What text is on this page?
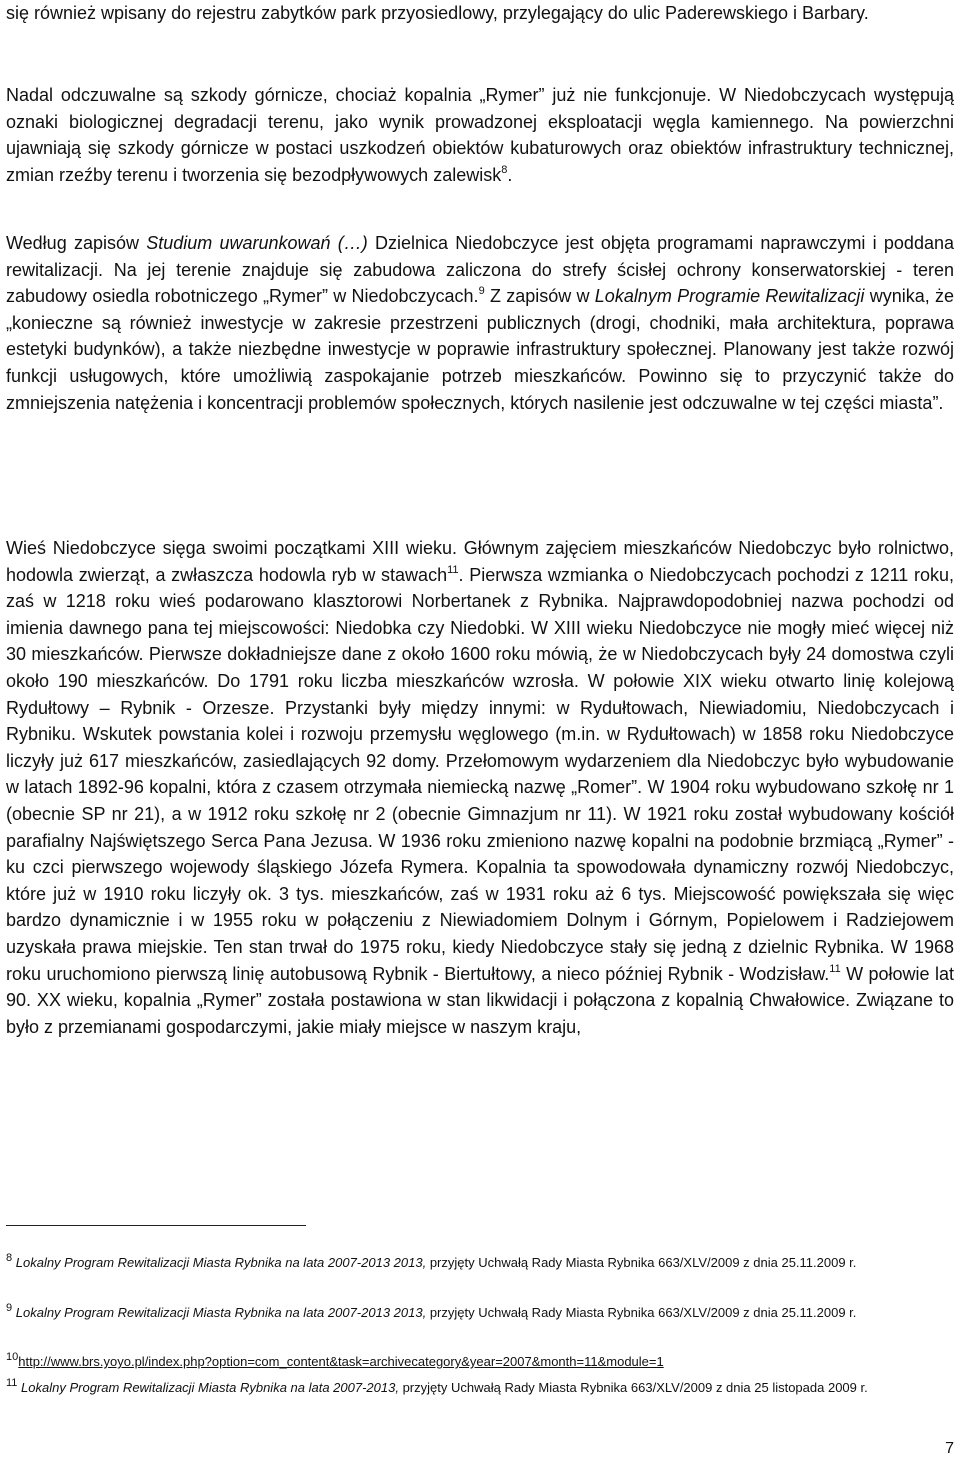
się również wpisany do rejestru zabytków park przyosiedlowy, przylegający do ulic Paderewskiego i Barbary.

Nadal odczuwalne są szkody górnicze, chociaż kopalnia „Rymer” już nie funkcjonuje. W Niedobczycach występują oznaki biologicznej degradacji terenu, jako wynik prowadzonej eksploatacji węgla kamiennego. Na powierzchni ujawniają się szkody górnicze w postaci uszkodzeń obiektów kubaturowych oraz obiektów infrastruktury technicznej, zmian rzeźby terenu i tworzenia się bezodpływowych zalewisk$^8$.

Według zapisów Studium uwarunkowań (…) Dzielnica Niedobczyce jest objęta programami naprawczymi i poddana rewitalizacji. Na jej terenie znajduje się zabudowa zaliczona do strefy ścisłej ochrony konserwatorskiej - teren zabudowy osiedla robotniczego „Rymer” w Niedobczycach.$^9$ Z zapisów w Lokalnym Programie Rewitalizacji wynika, że „konieczne są również inwestycje w zakresie przestrzeni publicznych (drogi, chodniki, mała architektura, poprawa estetyki budynków), a także niezbędne inwestycje w poprawie infrastruktury społecznej. Planowany jest także rozwój funkcji usługowych, które umożliwią zaspokajanie potrzeb mieszkańców. Powinno się to przyczynić także do zmniejszenia natężenia i koncentracji problemów społecznych, których nasilenie jest odczuwalne w tej części miasta”.

Wieś Niedobczyce sięga swoimi początkami XIII wieku. Głównym zajęciem mieszkańców Niedobczyc było rolnictwo, hodowla zwierząt, a zwłaszcza hodowla ryb w stawach$^{11}$. Pierwsza wzmianka o Niedobczycach pochodzi z 1211 roku, zaś w 1218 roku wieś podarowano klasztorowi Norbertanek z Rybnika. Najprawdopodobniej nazwa pochodzi od imienia dawnego pana tej miejscowości: Niedobka czy Niedobki. W XIII wieku Niedobczyce nie mogły mieć więcej niż 30 mieszkańców. Pierwsze dokładniejsze dane z około 1600 roku mówią, że w Niedobczycach były 24 domostwa czyli około 190 mieszkańców. Do 1791 roku liczba mieszkańców wzrosła. W połowie XIX wieku otwarto linię kolejową Rydułtowy – Rybnik - Orzesze. Przystanki były między innymi: w Rydułtowach, Niewiadomiu, Niedobczycach i Rybniku. Wskutek powstania kolei i rozwoju przemysłu węglowego (m.in. w Rydułtowach) w 1858 roku Niedobczyce liczyły już 617 mieszkańców, zasiedlających 92 domy. Przełomowym wydarzeniem dla Niedobczyc było wybudowanie w latach 1892-96 kopalni, która z czasem otrzymała niemiecką nazwę „Romer”. W 1904 roku wybudowano szkołę nr 1 (obecnie SP nr 21), a w 1912 roku szkołę nr 2 (obecnie Gimnazjum nr 11). W 1921 roku został wybudowany kościół parafialny Najświętszego Serca Pana Jezusa. W 1936 roku zmieniono nazwę kopalni na podobnie brzmiącą „Rymer” - ku czci pierwszego wojewody śląskiego Józefa Rymera. Kopalnia ta spowodowała dynamiczny rozwój Niedobczyc, które już w 1910 roku liczyły ok. 3 tys. mieszkańców, zaś w 1931 roku aż 6 tys. Miejscowość powiększała się więc bardzo dynamicznie i w 1955 roku w połączeniu z Niewiadomiem Dolnym i Górnym, Popielowem i Radziejowem uzyskała prawa miejskie. Ten stan trwał do 1975 roku, kiedy Niedobczyce stały się jedną z dzielnic Rybnika. W 1968 roku uruchomiono pierwszą linię autobusową Rybnik - Biertułtowy, a nieco później Rybnik - Wodzisław.$^{11}$ W połowie lat 90. XX wieku, kopalnia „Rymer” została postawiona w stan likwidacji i połączona z kopalnią Chwałowice. Związane to było z przemianami gospodarczymi, jakie miały miejsce w naszym kraju,

$^8$ Lokalny Program Rewitalizacji Miasta Rybnika na lata 2007-2013 2013, przyjęty Uchwałą Rady Miasta Rybnika 663/XLV/2009 z dnia 25.11.2009 r.

$^9$ Lokalny Program Rewitalizacji Miasta Rybnika na lata 2007-2013 2013, przyjęty Uchwałą Rady Miasta Rybnika 663/XLV/2009 z dnia 25.11.2009 r.

$^{10}$http://www.brs.yoyo.pl/index.php?option=com_content&task=archivecategory&year=2007&month=11&module=1

$^{11}$ Lokalny Program Rewitalizacji Miasta Rybnika na lata 2007-2013, przyjęty Uchwałą Rady Miasta Rybnika 663/XLV/2009 z dnia 25 listopada 2009 r.

7
